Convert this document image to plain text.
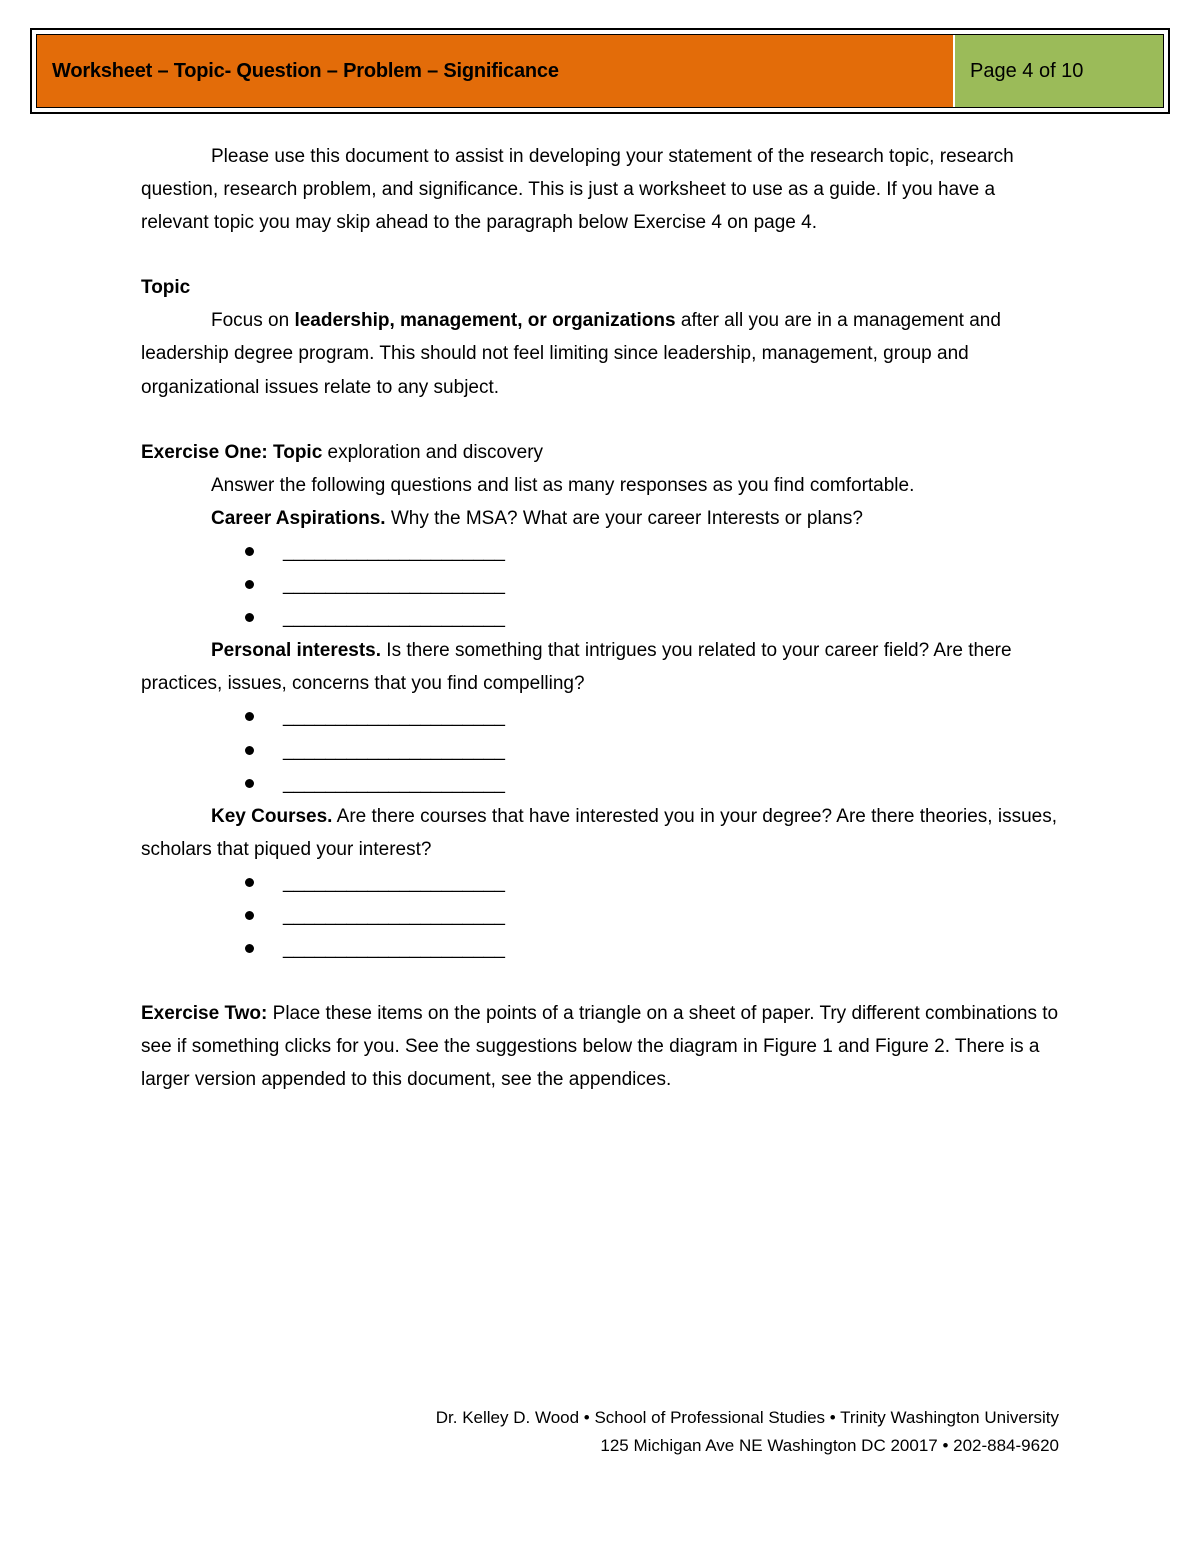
Worksheet – Topic- Question – Problem – Significance	Page 4 of 10

Please use this document to assist in developing your statement of the research topic, research question, research problem, and significance. This is just a worksheet to use as a guide. If you have a relevant topic you may skip ahead to the paragraph below Exercise 4 on page 4.

Topic

Focus on leadership, management, or organizations after all you are in a management and leadership degree program. This should not feel limiting since leadership, management, group and organizational issues relate to any subject.

Exercise One: Topic exploration and discovery

Answer the following questions and list as many responses as you find comfortable.

Career Aspirations. Why the MSA? What are your career Interests or plans?

_____________________
_____________________
_____________________

Personal interests. Is there something that intrigues you related to your career field? Are there practices, issues, concerns that you find compelling?

_____________________
_____________________
_____________________

Key Courses. Are there courses that have interested you in your degree? Are there theories, issues, scholars that piqued your interest?

_____________________
_____________________
_____________________

Exercise Two: Place these items on the points of a triangle on a sheet of paper. Try different combinations to see if something clicks for you. See the suggestions below the diagram in Figure 1 and Figure 2. There is a larger version appended to this document, see the appendices.

Dr. Kelley D. Wood • School of Professional Studies • Trinity Washington University
125 Michigan Ave NE Washington DC 20017 • 202-884-9620
